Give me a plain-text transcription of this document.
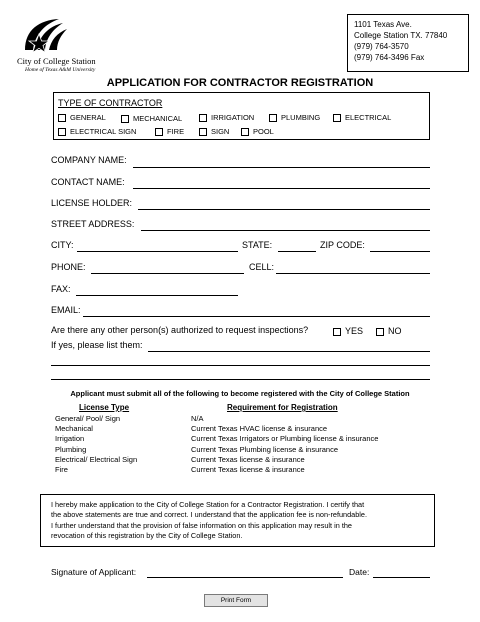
City of College Station
Home of Texas A&M University
1101 Texas Ave.
College Station TX. 77840
(979) 764-3570
(979) 764-3496 Fax
APPLICATION FOR CONTRACTOR REGISTRATION
TYPE OF CONTRACTOR
GENERAL	MECHANICAL	IRRIGATION	PLUMBING	ELECTRICAL
ELECTRICAL SIGN	FIRE	SIGN	POOL
COMPANY NAME:
CONTACT NAME:
LICENSE HOLDER:
STREET ADDRESS:
CITY:	STATE:	ZIP CODE:
PHONE:	CELL:
FAX:
EMAIL:
Are there any other person(s) authorized to request inspections?	YES	NO
If yes, please list them:
Applicant must submit all of the following to become registered with the City of College Station
License Type	Requirement for Registration
General/ Pool/ Sign	N/A
Mechanical	Current Texas HVAC license & insurance
Irrigation	Current Texas Irrigators or Plumbing license & insurance
Plumbing	Current Texas Plumbing license & insurance
Electrical/ Electrical Sign	Current Texas license & insurance
Fire	Current Texas license & insurance
I hereby make application to the City of College Station for a Contractor Registration. I certify that
the above statements are true and correct. I understand that the application fee is non-refundable.
I further understand that the provision of false information on this application may result in the
revocation of this registration by the City of College Station.
Signature of Applicant:	Date:
Print Form
